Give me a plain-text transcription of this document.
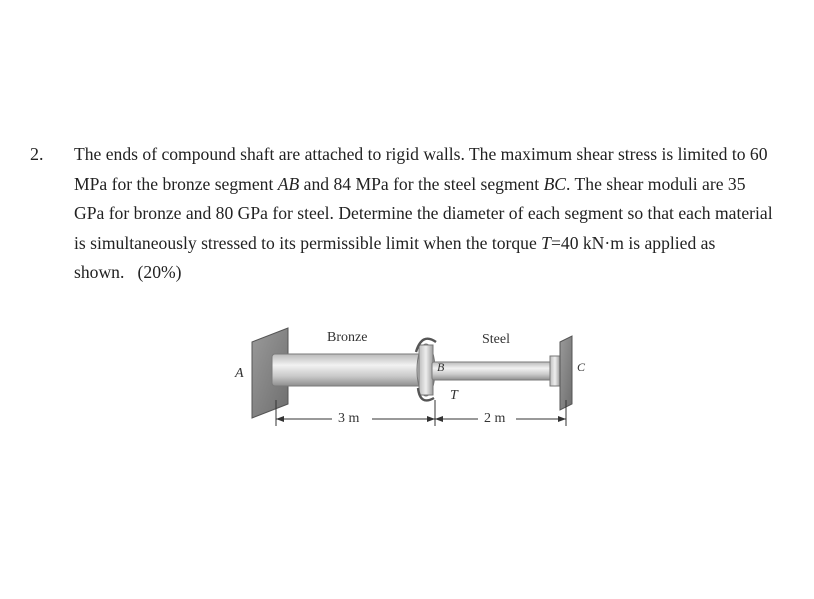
2. The ends of compound shaft are attached to rigid walls. The maximum shear stress is limited to 60 MPa for the bronze segment AB and 84 MPa for the steel segment BC. The shear moduli are 35 GPa for bronze and 80 GPa for steel. Determine the diameter of each segment so that each material is simultaneously stressed to its permissible limit when the torque T=40 kN·m is applied as shown. (20%)
Bronze	Steel
A	B	C
T
3 m	2 m
